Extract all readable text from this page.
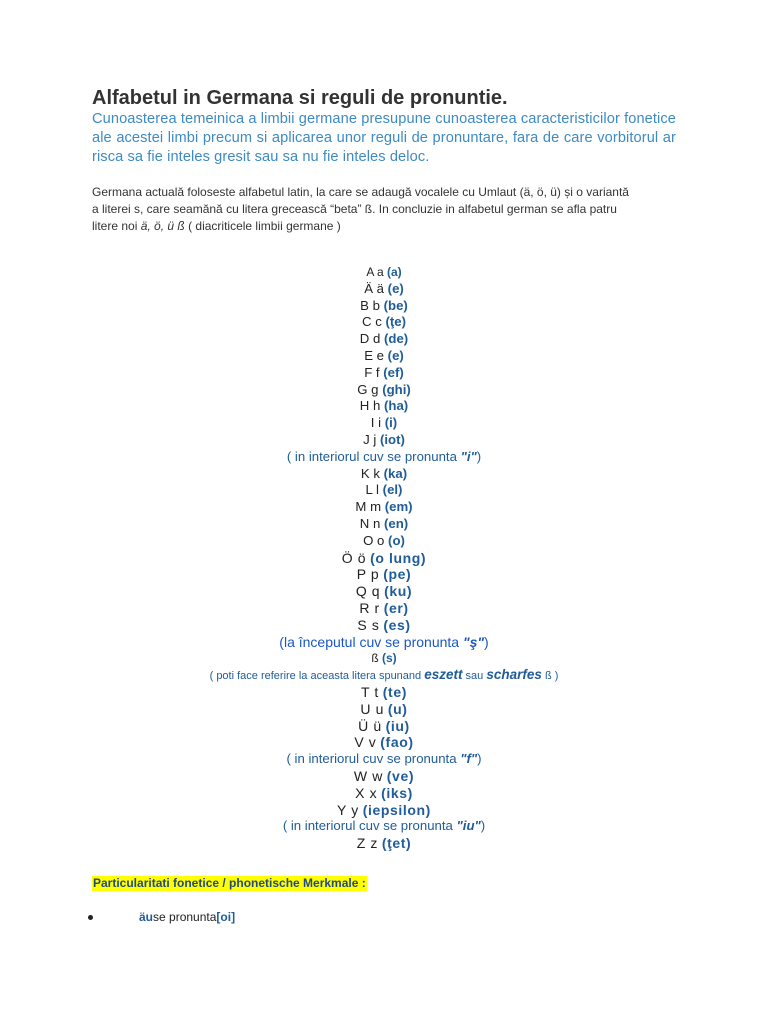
Alfabetul in Germana si reguli de pronuntie.

Cunoasterea temeinica a limbii germane presupune cunoasterea caracteristicilor fonetice ale acestei limbi precum si aplicarea unor reguli de pronuntare, fara de care vorbitorul ar risca sa fie inteles gresit sau sa nu fie inteles deloc.

Germana actuală foloseste alfabetul latin, la care se adaugă vocalele cu Umlaut (ä, ö, ü) și o variantă
a literei s, care seamănă cu litera grecească “beta” ß. In concluzie in alfabetul german se afla patru
litere noi ä, ö, ü ß ( diacriticele limbii germane )

A a (a)
Ä ä (e)
B b (be)
C c (ţe)
D d (de)
E e (e)
F f (ef)
G g (ghi)
H h (ha)
I i (i)
J j (iot)
( in interiorul cuv se pronunta "i")
K k (ka)
L l (el)
M m (em)
N n (en)
O o (o)
Ö ö (o lung)
P p (pe)
Q q (ku)
R r (er)
S s (es)
(la începutul cuv se pronunta "ş")
ß (s)
( poti face referire la aceasta litera spunand eszett sau scharfes ß )
T t (te)
U u (u)
Ü ü (iu)
V v (fao)
( in interiorul cuv se pronunta "f")
W w (ve)
X x (iks)
Y y (iepsilon)
( in interiorul cuv se pronunta "iu")
Z z (ţet)
Particularitati fonetice / phonetische Merkmale :
äu se pronunta [oi]
